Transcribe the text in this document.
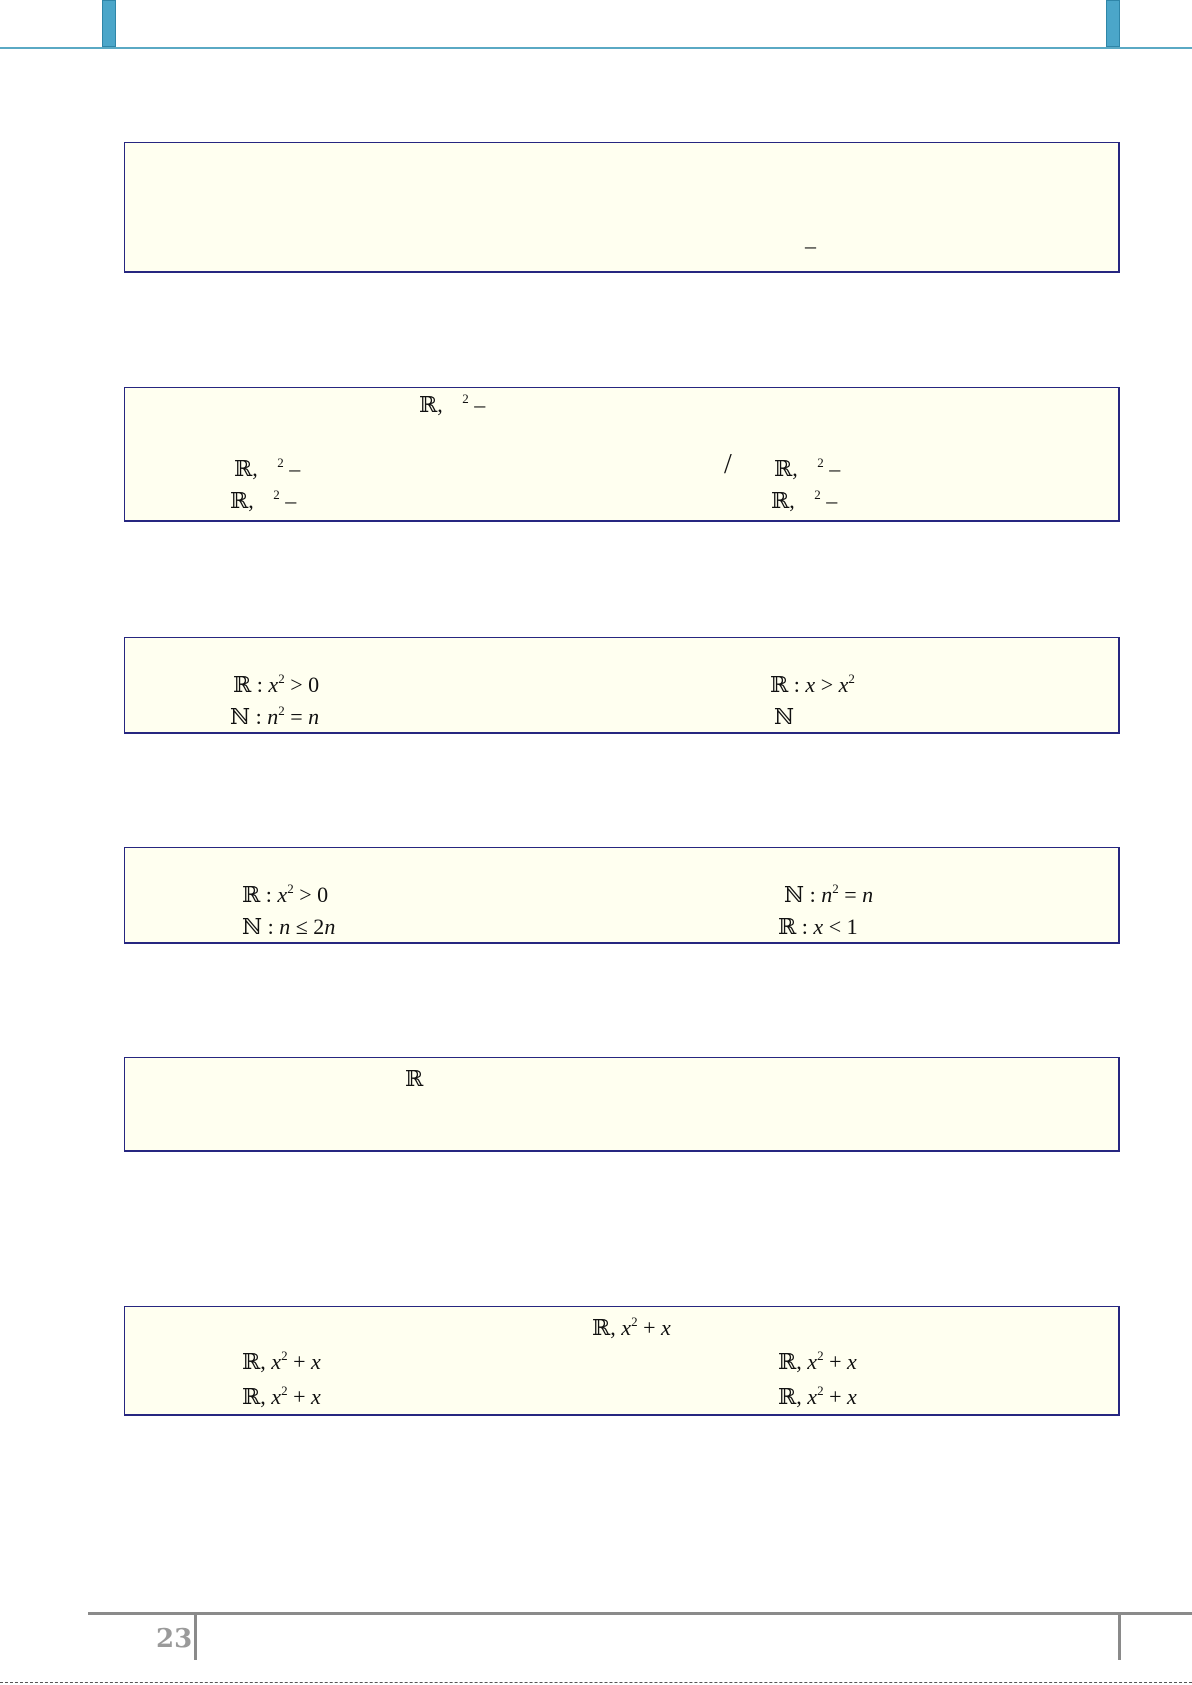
–
ℝ, $^2$ –
ℝ, $^2$ –	/ ℝ, $^2$ –
ℝ, $^2$ –	ℝ, $^2$ –
ℝ : $x^2 > 0$	ℝ : $x > x^2$
ℕ : $n^2 = n$	ℕ
ℝ : $x^2 > 0$	ℕ : $n^2 = n$
ℕ : n ≤ 2n	ℝ : x < 1
ℝ
ℝ, $x^2 + x$
ℝ, $x^2 + x$	ℝ, $x^2 + x$
ℝ, $x^2 + x$	ℝ, $x^2 + x$
23
